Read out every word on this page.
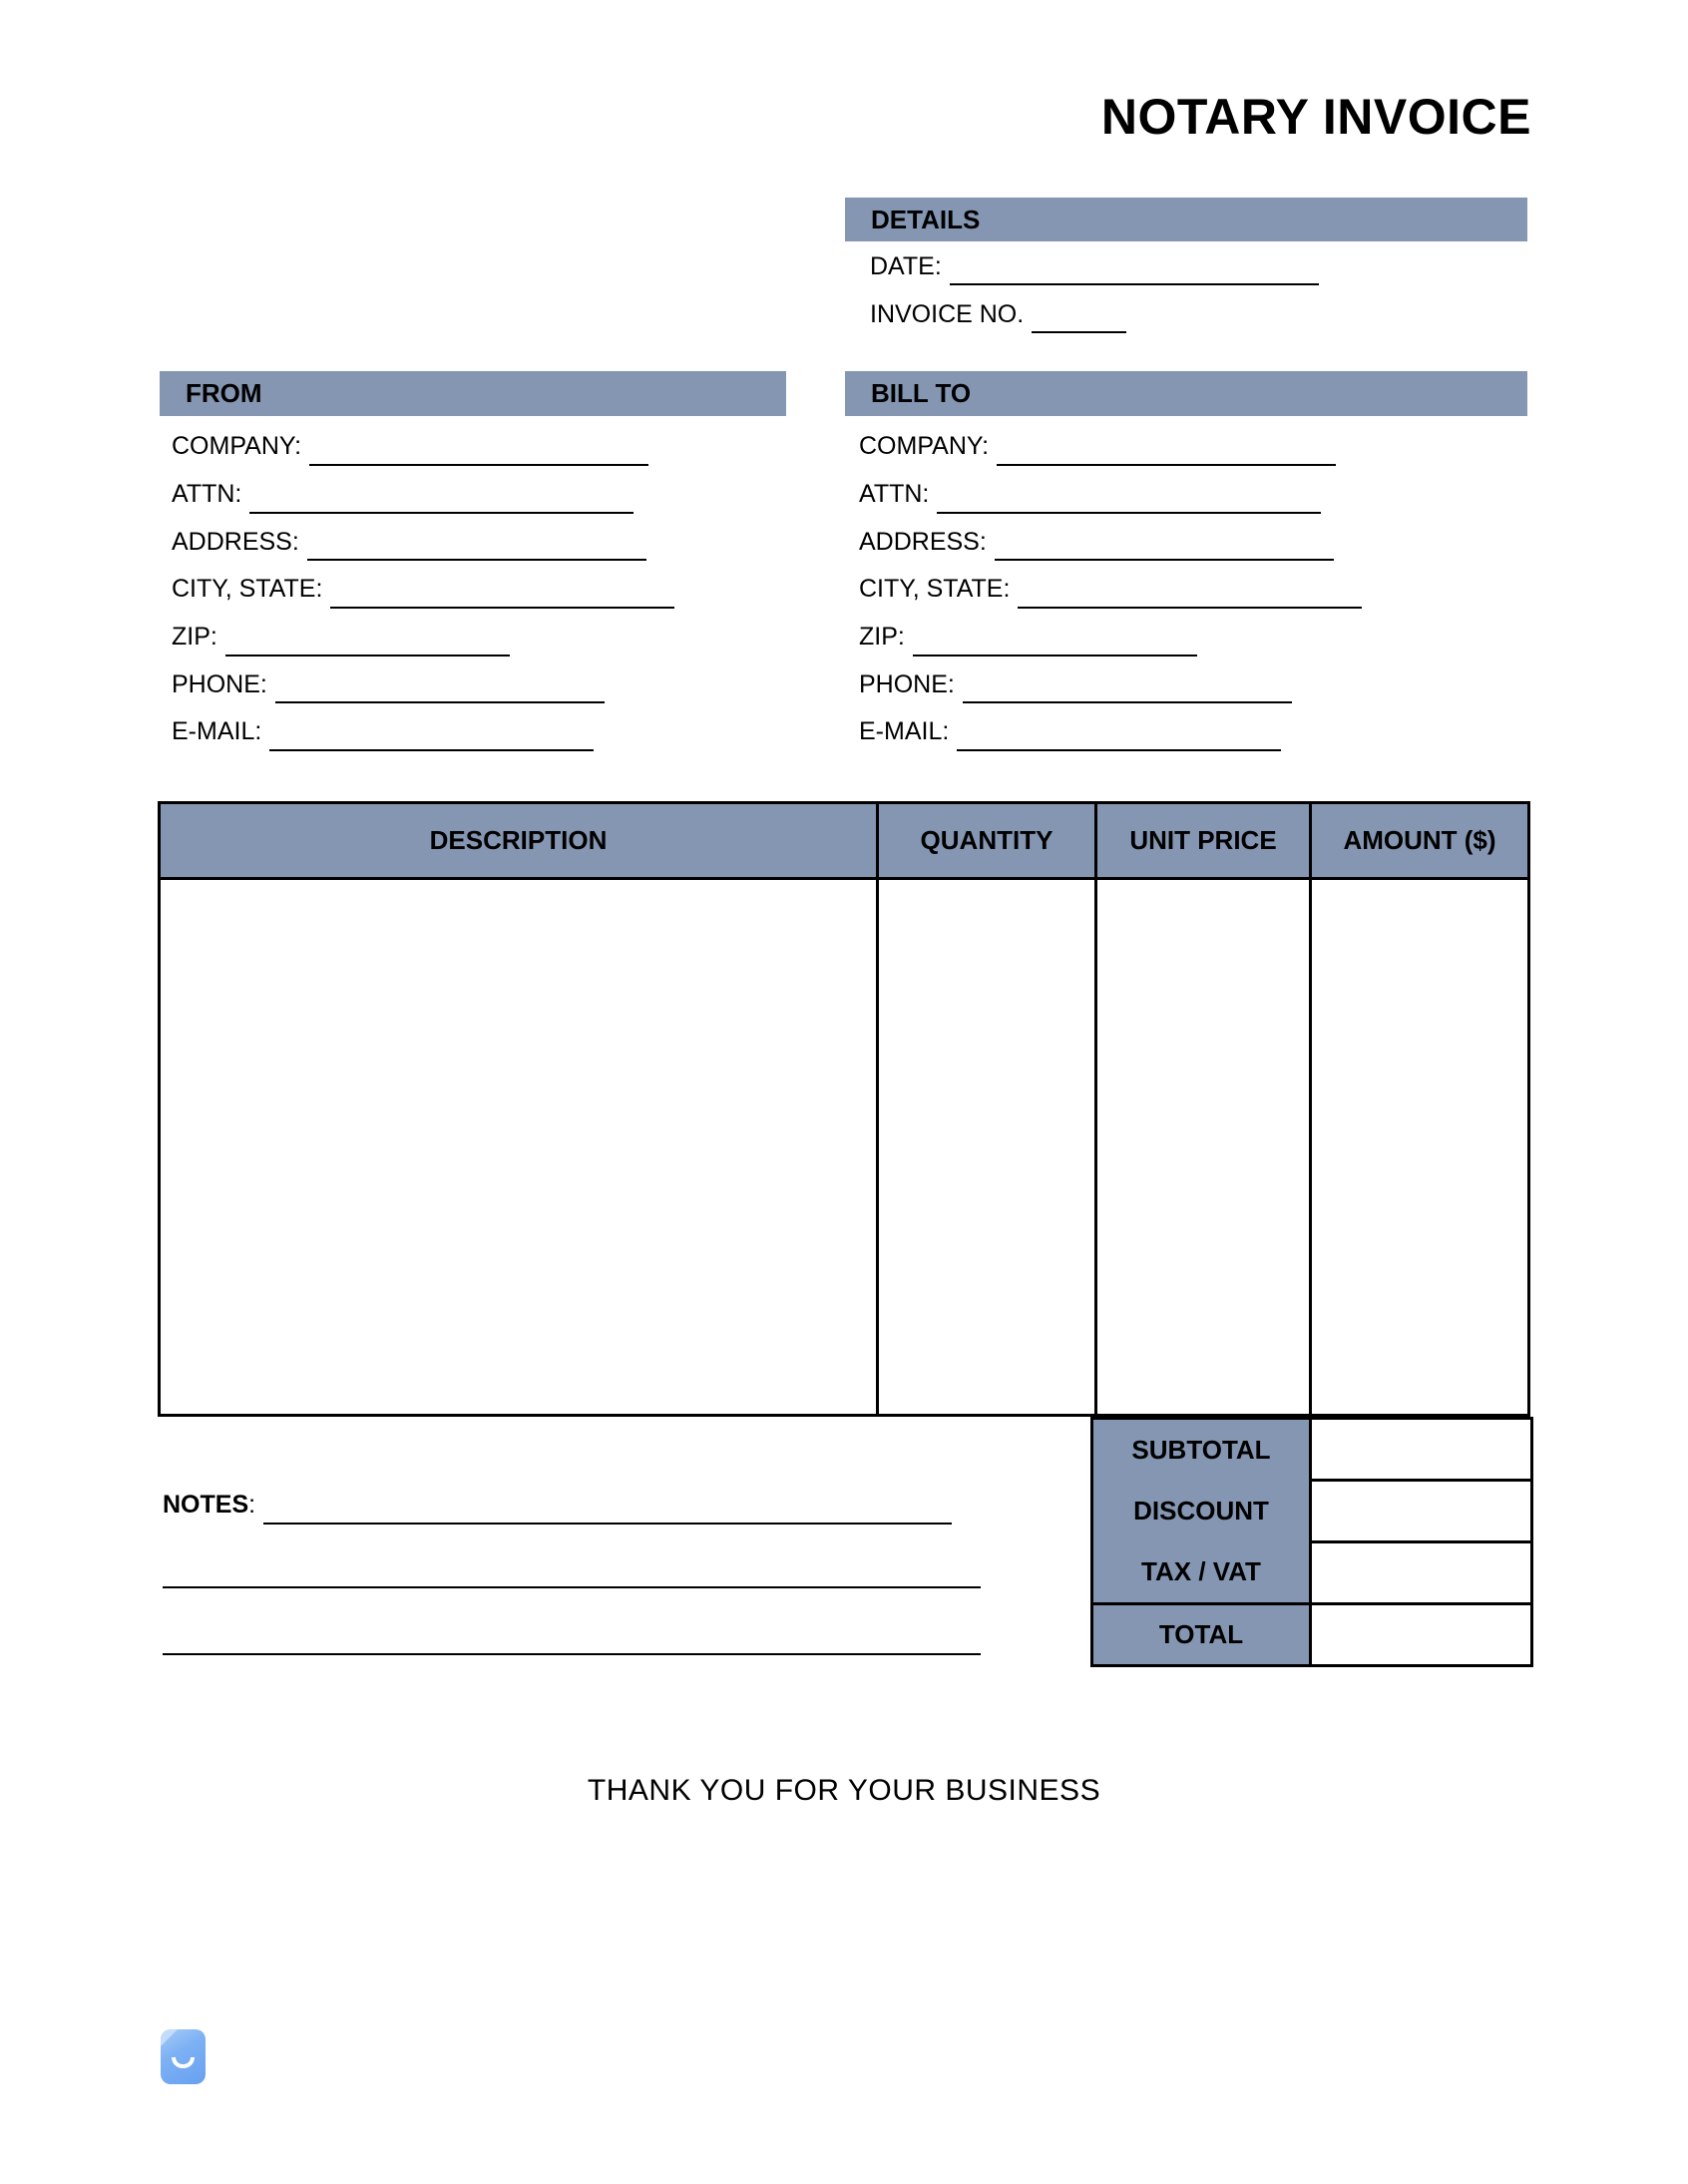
NOTARY INVOICE
DETAILS
DATE:
INVOICE NO.
FROM	BILL TO
COMPANY:
ATTN:
ADDRESS:
CITY, STATE:
ZIP:
PHONE:
E-MAIL:
COMPANY:
ATTN:
ADDRESS:
CITY, STATE:
ZIP:
PHONE:
E-MAIL:
DESCRIPTION	QUANTITY	UNIT PRICE	AMOUNT ($)

SUBTOTAL	
DISCOUNT	
TAX / VAT	
TOTAL	
NOTES :
THANK YOU FOR YOUR BUSINESS
